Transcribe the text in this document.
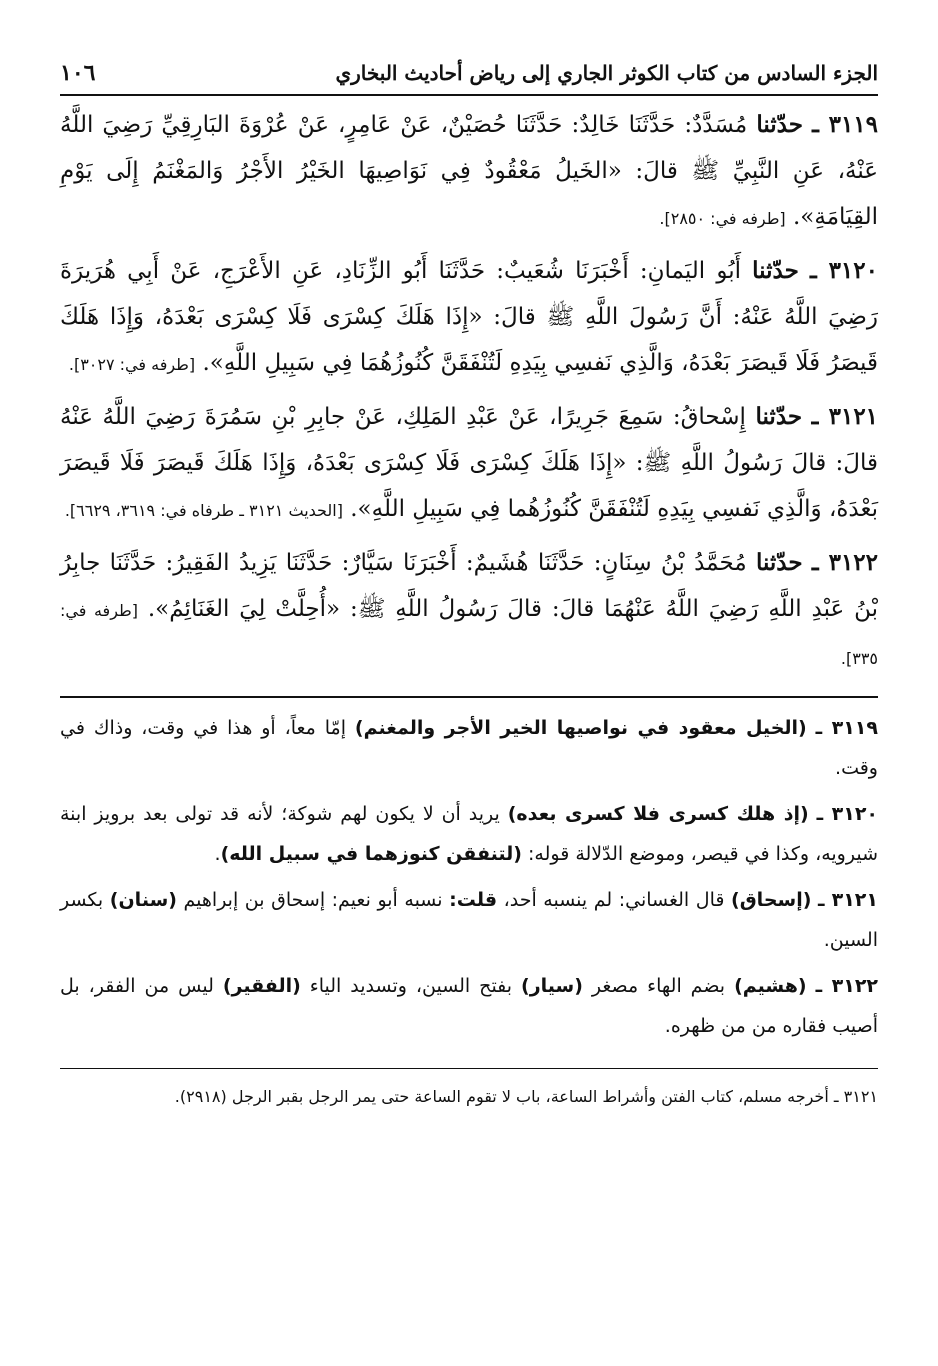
الجزء السادس من كتاب الكوثر الجاري إلى رياض أحاديث البخاري
١٠٦

٣١١٩ ـ حدّثنا مُسَدَّدٌ: حَدَّثَنَا خَالِدٌ: حَدَّثَنَا حُصَيْنٌ، عَنْ عَامِرٍ، عَنْ عُرْوَةَ البَارِقِيِّ رَضِيَ اللَّهُ عَنْهُ، عَنِ النَّبِيِّ ﷺ قالَ: «الخَيلُ مَعْقُودٌ فِي نَوَاصِيهَا الخَيْرُ الأَجْرُ وَالمَغْنَمُ إِلَى يَوْمِ القِيَامَةِ». [طرفه في: ٢٨٥٠].

٣١٢٠ ـ حدّثنا أَبُو اليَمانِ: أَخْبَرَنَا شُعَيبٌ: حَدَّثَنَا أَبُو الزِّنَادِ، عَنِ الأَعْرَجِ، عَنْ أَبِي هُرَيرَةَ رَضِيَ اللَّهُ عَنْهُ: أَنَّ رَسُولَ اللَّهِ ﷺ قالَ: «إِذَا هَلَكَ كِسْرَى فَلَا كِسْرَى بَعْدَهُ، وَإِذَا هَلَكَ قَيصَرُ فَلَا قَيصَرَ بَعْدَهُ، وَالَّذِي نَفسِي بِيَدِهِ لَتُنْفَقَنَّ كُنُوزُهُمَا فِي سَبِيلِ اللَّهِ». [طرفه في: ٣٠٢٧].

٣١٢١ ـ حدّثنا إِسْحاقُ: سَمِعَ جَرِيرًا، عَنْ عَبْدِ المَلِكِ، عَنْ جابِرِ بْنِ سَمُرَةَ رَضِيَ اللَّهُ عَنْهُ قالَ: قالَ رَسُولُ اللَّهِ ﷺ: «إِذَا هَلَكَ كِسْرَى فَلَا كِسْرَى بَعْدَهُ، وَإِذَا هَلَكَ قَيصَرَ فَلَا قَيصَرَ بَعْدَهُ، وَالَّذِي نَفسِي بِيَدِهِ لَتُنْفَقَنَّ كُنُوزُهُما فِي سَبِيلِ اللَّهِ». [الحديث ٣١٢١ ـ طرفاه في: ٣٦١٩، ٦٦٢٩].

٣١٢٢ ـ حدّثنا مُحَمَّدُ بْنُ سِنَانٍ: حَدَّثَنَا هُشَيمٌ: أَخْبَرَنَا سَيَّارٌ: حَدَّثَنَا يَزِيدُ الفَقِيرُ: حَدَّثَنَا جابِرُ بْنُ عَبْدِ اللَّهِ رَضِيَ اللَّهُ عَنْهُمَا قالَ: قالَ رَسُولُ اللَّهِ ﷺ: «أُحِلَّتْ لِيَ الغَنَائِمُ». [طرفه في: ٣٣٥].

٣١١٩ ـ (الخيل معقود في نواصيها الخير الأجر والمغنم) إمّا معاً، أو هذا في وقت، وذاك في وقت.

٣١٢٠ ـ (إذ هلك كسرى فلا كسرى بعده) يريد أن لا يكون لهم شوكة؛ لأنه قد تولى بعد برويز ابنة شيرويه، وكذا في قيصر، وموضع الدّلالة قوله: (لتنفقن كنوزهما في سبيل الله).

٣١٢١ ـ (إسحاق) قال الغساني: لم ينسبه أحد، قلت: نسبه أبو نعيم: إسحاق بن إبراهيم (سنان) بكسر السين.

٣١٢٢ ـ (هشيم) بضم الهاء مصغر (سيار) بفتح السين، وتسديد الياء (الفقير) ليس من الفقر، بل أصيب فقاره من من ظهره.

٣١٢١ ـ أخرجه مسلم، كتاب الفتن وأشراط الساعة، باب لا تقوم الساعة حتى يمر الرجل بقبر الرجل (٢٩١٨).
